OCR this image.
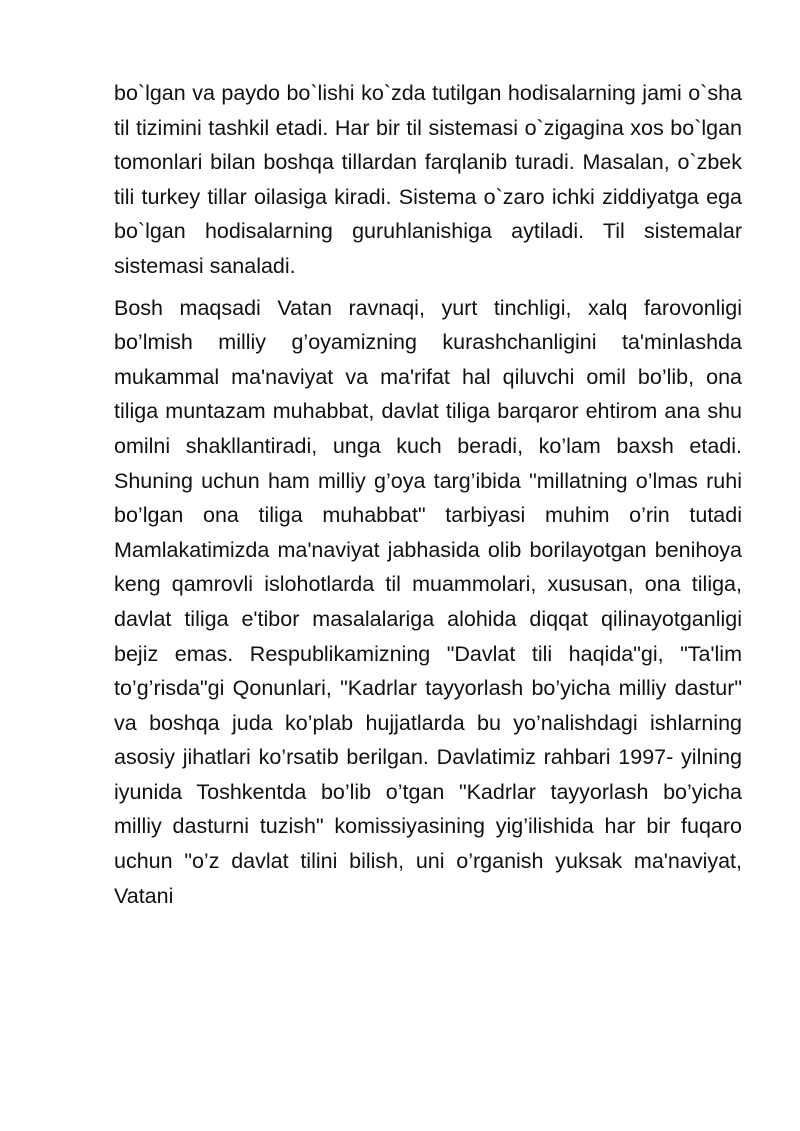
bo`lgan va paydo bo`lishi ko`zda tutilgan hodisalarning jami o`sha til tizimini tashkil etadi. Har bir til sistemasi o`zigagina xos bo`lgan tomonlari bilan boshqa tillardan farqlanib turadi. Masalan, o`zbek tili turkey tillar oilasiga kiradi. Sistema o`zaro ichki ziddiyatga ega bo`lgan hodisalarning guruhlanishiga aytiladi. Til sistemalar sistemasi sanaladi.

Bosh maqsadi Vatan ravnaqi, yurt tinchligi, xalq farovonligi bo’lmish milliy g’oyamizning kurashchanligini ta'minlashda mukammal ma'naviyat va ma'rifat hal qiluvchi omil bo’lib, ona tiliga muntazam muhabbat, davlat tiliga barqaror ehtirom ana shu omilni shakllantiradi, unga kuch beradi, ko’lam baxsh etadi. Shuning uchun ham milliy g’oya targ’ibida "millatning o’lmas ruhi bo’lgan ona tiliga muhabbat" tarbiyasi muhim o’rin tutadi Mamlakatimizda ma'naviyat jabhasida olib borilayotgan benihoya keng qamrovli islohotlarda til muammolari, xususan, ona tiliga, davlat tiliga e'tibor masalalariga alohida diqqat qilinayotganligi bejiz emas. Respublikamizning "Davlat tili haqida"gi, "Ta'lim to’g’risda"gi Qonunlari, "Kadrlar tayyorlash bo’yicha milliy dastur" va boshqa juda ko’plab hujjatlarda bu yo’nalishdagi ishlarning asosiy jihatlari ko’rsatib berilgan. Davlatimiz rahbari 1997- yilning iyunida Toshkentda bo’lib o’tgan "Kadrlar tayyorlash bo’yicha milliy dasturni tuzish" komissiyasining yig’ilishida har bir fuqaro uchun "o’z davlat tilini bilish, uni o’rganish yuksak ma'naviyat, Vatani
